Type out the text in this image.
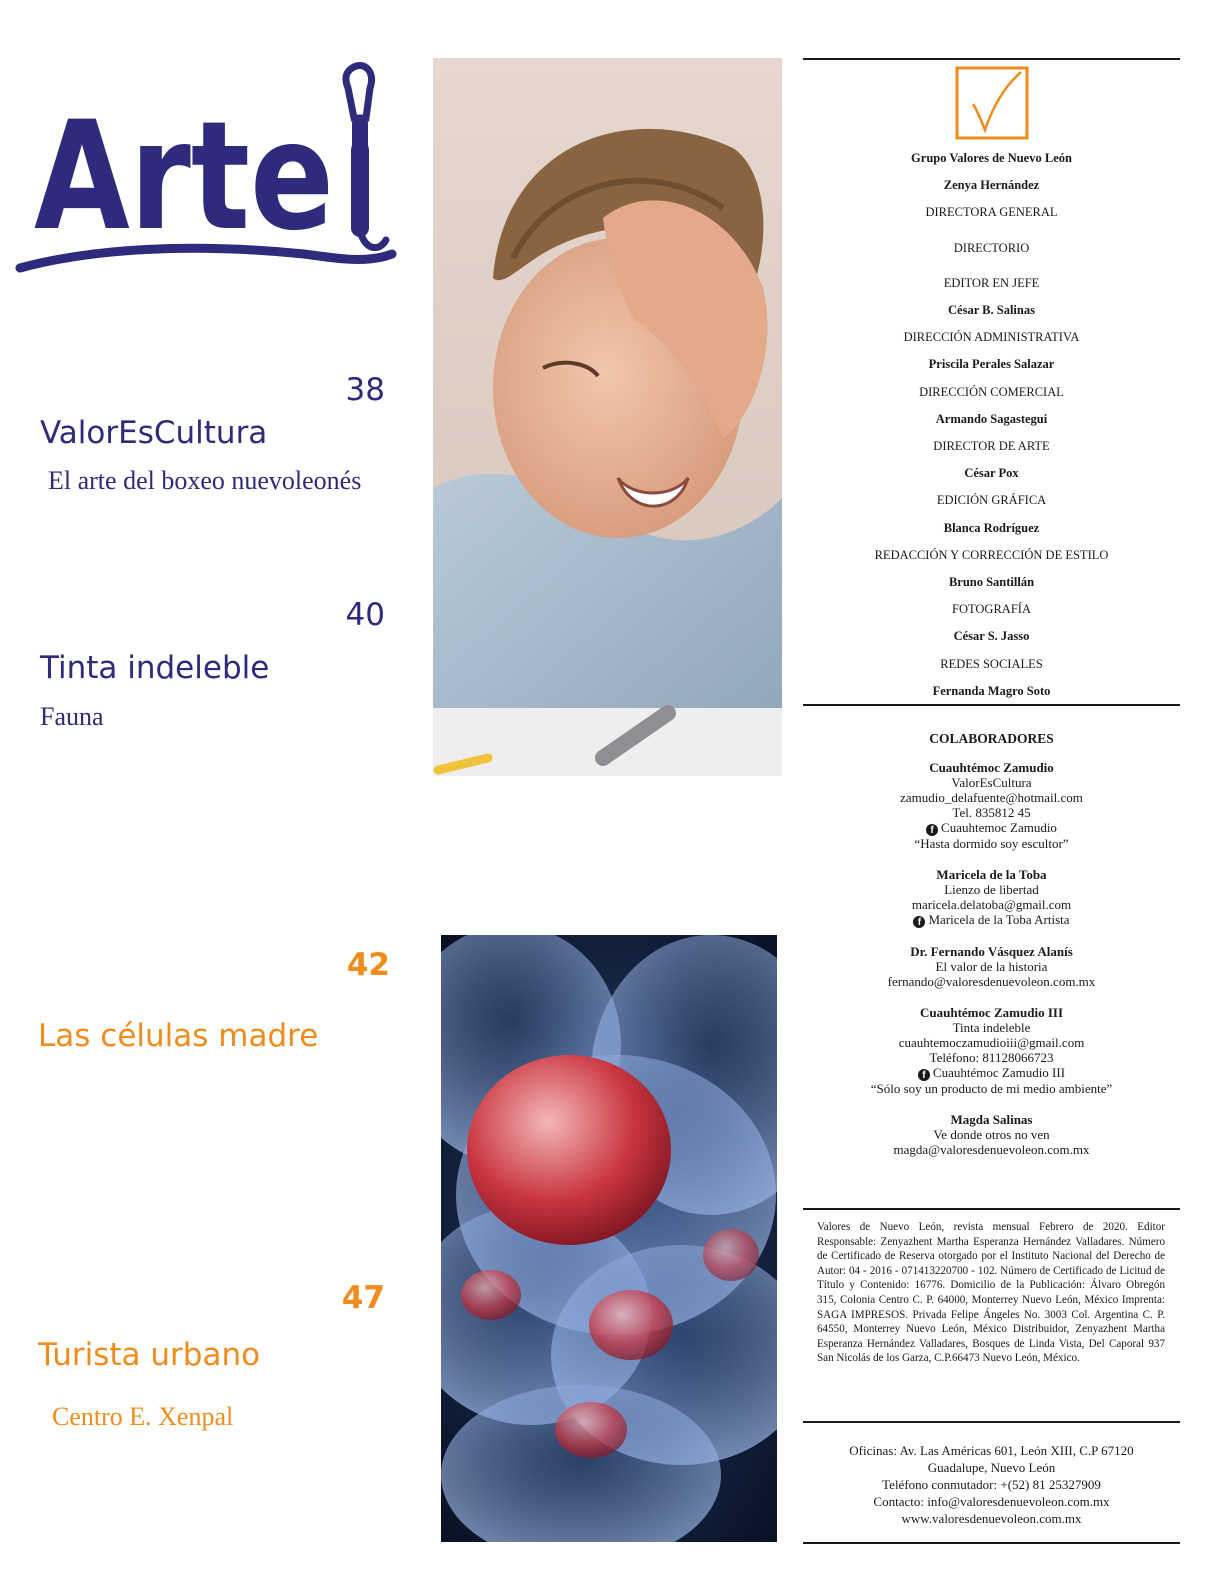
Arte
38
ValorEsCultura
El arte del boxeo nuevoleonés
40
Tinta indeleble
Fauna
42
Las células madre
47
Turista urbano
Centro E. Xenpal
Grupo Valores de Nuevo León
Zenya Hernández
DIRECTORA GENERAL
DIRECTORIO
EDITOR EN JEFE
César B. Salinas
DIRECCIÓN ADMINISTRATIVA
Priscila Perales Salazar
DIRECCIÓN COMERCIAL
Armando Sagastegui
DIRECTOR DE ARTE
César Pox
EDICIÓN GRÁFICA
Blanca Rodríguez
REDACCIÓN Y CORRECCIÓN DE ESTILO
Bruno Santillán
FOTOGRAFÍA
César S. Jasso
REDES SOCIALES
Fernanda Magro Soto
COLABORADORES
Cuauhtémoc Zamudio
ValorEsCultura
zamudio_delafuente@hotmail.com
Tel. 835812 45
f Cuauhtemoc Zamudio
“Hasta dormido soy escultor”
Maricela de la Toba
Lienzo de libertad
maricela.delatoba@gmail.com
f Maricela de la Toba Artista
Dr. Fernando Vásquez Alanís
El valor de la historia
fernando@valoresdenuevoleon.com.mx
Cuauhtémoc Zamudio III
Tinta indeleble
cuauhtemoczamudioiii@gmail.com
Teléfono: 81128066723
f Cuauhtémoc Zamudio III
“Sólo soy un producto de mi medio ambiente”
Magda Salinas
Ve donde otros no ven
magda@valoresdenuevoleon.com.mx
Valores de Nuevo León, revista mensual Febrero de 2020. Editor Responsable: Zenyazhent Martha Esperanza Hernández Valladares. Número de Certificado de Reserva otorgado por el Instituto Nacional del Derecho de Autor: 04 - 2016 - 071413220700 - 102. Número de Certificado de Licitud de Título y Contenido: 16776. Domicilio de la Publicación: Álvaro Obregón 315, Colonia Centro C. P. 64000, Monterrey Nuevo León, México Imprenta: SAGA IMPRESOS. Privada Felipe Ángeles No. 3003 Col. Argentina C. P. 64550, Monterrey Nuevo León, México Distribuidor, Zenyazhent Martha Esperanza Hernández Valladares, Bosques de Linda Vista, Del Caporal 937 San Nicolás de los Garza, C.P.66473 Nuevo León, México.
Oficinas: Av. Las Américas 601, León XIII, C.P 67120
Guadalupe, Nuevo León
Teléfono conmutador: +(52) 81 25327909
Contacto: info@valoresdenuevoleon.com.mx
www.valoresdenuevoleon.com.mx
